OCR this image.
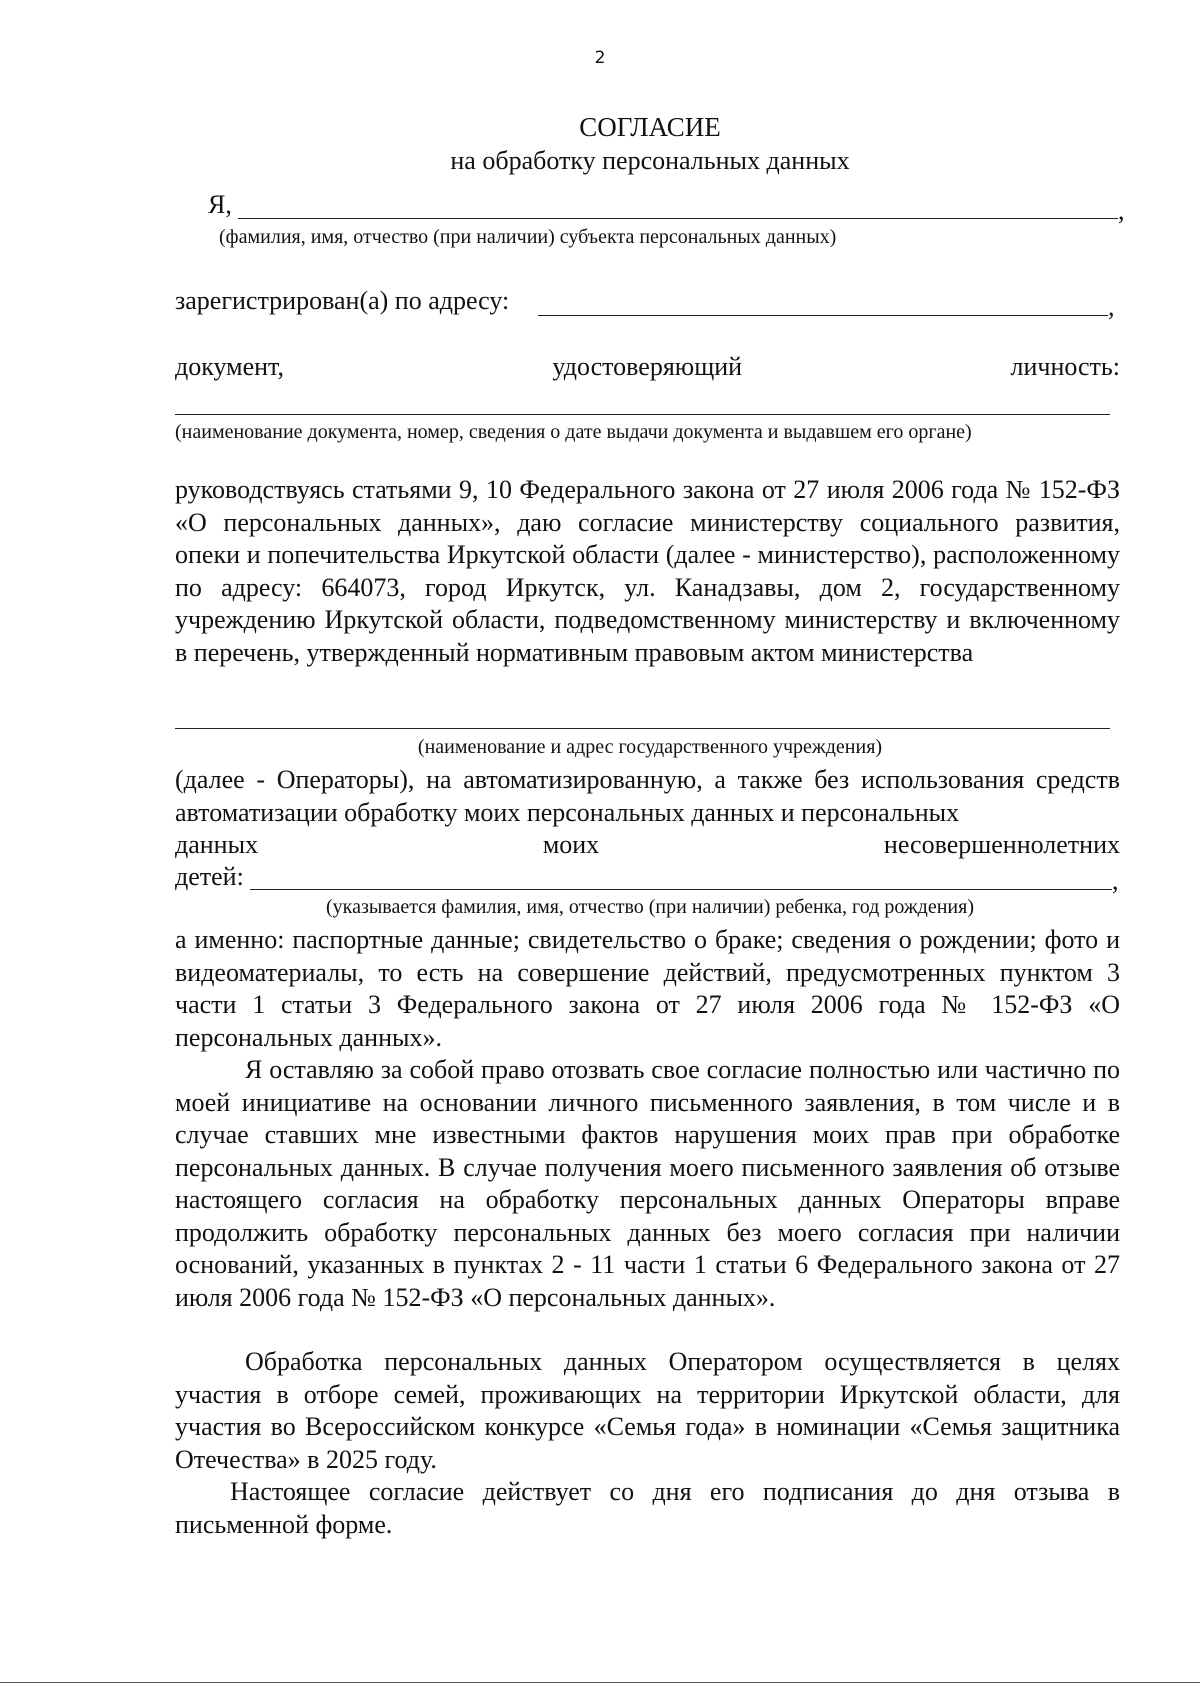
2
СОГЛАСИЕ
на обработку персональных данных
Я,	,
(фамилия, имя, отчество (при наличии) субъекта персональных данных)
зарегистрирован(а) по адресу:	,
документ,	удостоверяющий	личность:
(наименование документа, номер, сведения о дате выдачи документа и выдавшем его органе)
руководствуясь статьями 9, 10 Федерального закона от 27 июля 2006 года № 152-ФЗ «О персональных данных», даю согласие министерству социального развития, опеки и попечительства Иркутской области (далее - министерство), расположенному по адресу: 664073, город Иркутск, ул. Канадзавы, дом 2, государственному учреждению Иркутской области, подведомственному министерству и включенному в перечень, утвержденный нормативным правовым актом министерства
(наименование и адрес государственного учреждения)
(далее - Операторы), на автоматизированную, а также без использования средств автоматизации обработку моих персональных данных и персональных
данных	моих	несовершеннолетних
детей:	,
(указывается фамилия, имя, отчество (при наличии) ребенка, год рождения)
а именно: паспортные данные; свидетельство о браке; сведения о рождении; фото и видеоматериалы, то есть на совершение действий, предусмотренных пунктом 3 части 1 статьи 3 Федерального закона от 27 июля 2006 года № 152-ФЗ «О персональных данных».
Я оставляю за собой право отозвать свое согласие полностью или частично по моей инициативе на основании личного письменного заявления, в том числе и в случае ставших мне известными фактов нарушения моих прав при обработке персональных данных. В случае получения моего письменного заявления об отзыве настоящего согласия на обработку персональных данных Операторы вправе продолжить обработку персональных данных без моего согласия при наличии оснований, указанных в пунктах 2 - 11 части 1 статьи 6 Федерального закона от 27 июля 2006 года № 152-ФЗ «О персональных данных».
Обработка персональных данных Оператором осуществляется в целях участия в отборе семей, проживающих на территории Иркутской области, для участия во Всероссийском конкурсе «Семья года» в номинации «Семья защитника Отечества» в 2025 году.
Настоящее согласие действует со дня его подписания до дня отзыва в письменной форме.
